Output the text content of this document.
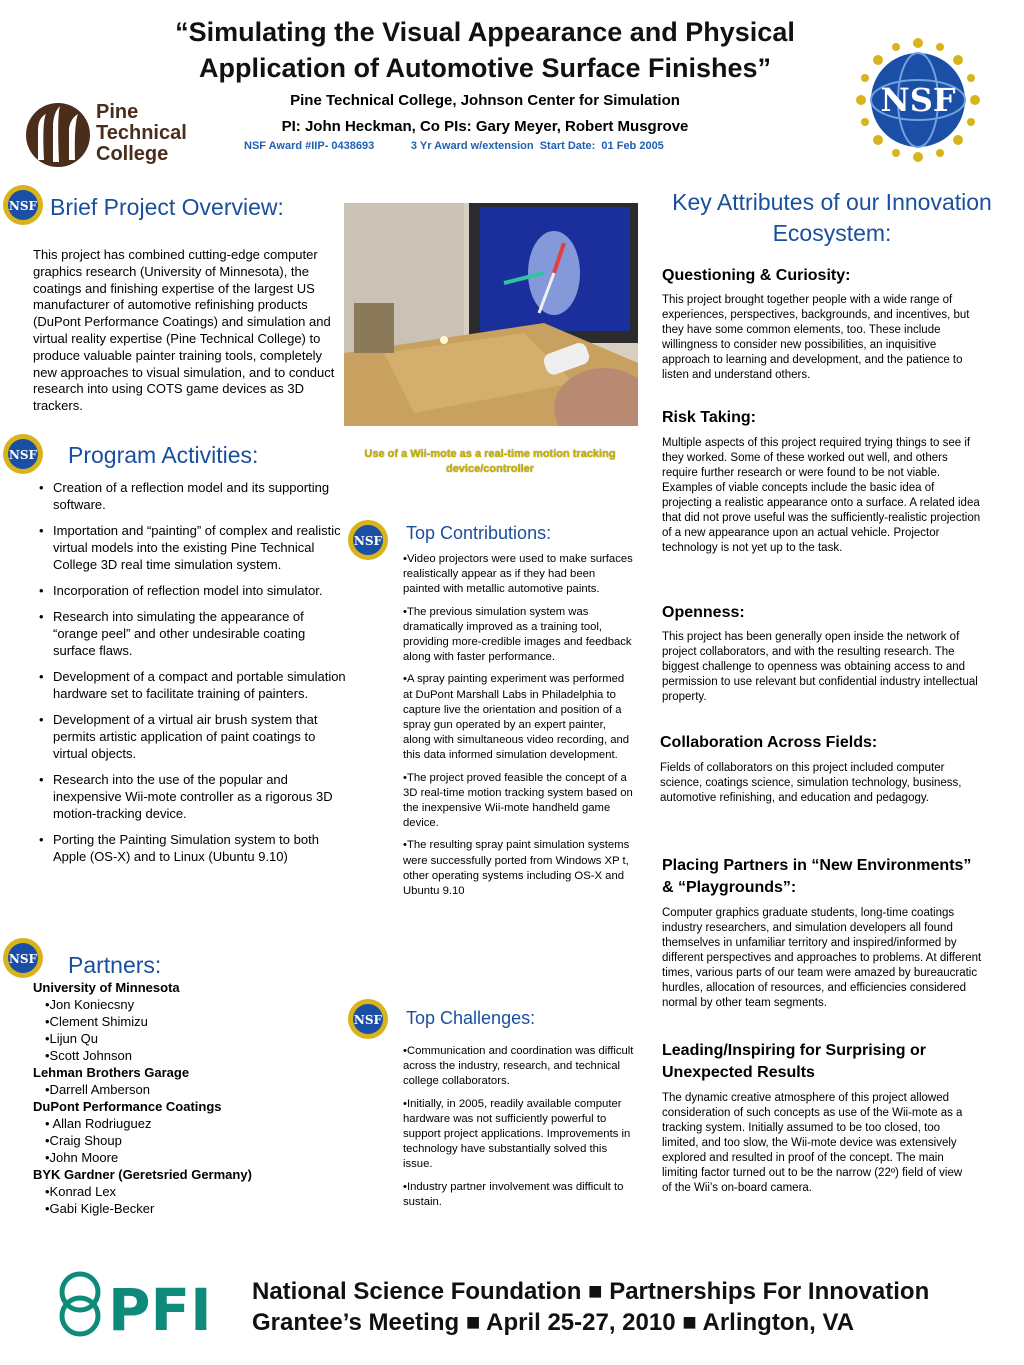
“Simulating the Visual Appearance and Physical Application of Automotive Surface Finishes”
Pine Technical College, Johnson Center for Simulation
PI: John Heckman, Co PIs: Gary Meyer, Robert Musgrove
NSF Award #IIP- 0438693            3 Yr Award w/extension  Start Date:  01 Feb 2005
Pine
Technical
College
NSF
NSF Brief Project Overview:
This project has combined cutting-edge computer graphics research (University of Minnesota), the coatings and finishing expertise of the largest US manufacturer of automotive refinishing products (DuPont Performance Coatings) and simulation and virtual reality expertise (Pine Technical College) to produce valuable painter training tools, completely new approaches to visual simulation, and to conduct research into using COTS game devices as 3D trackers.
Use of a Wii-mote as a real-time motion tracking device/controller
NSF Program Activities:
• Creation of a reflection model and its supporting software.
• Importation and “painting” of complex and realistic virtual models into the existing Pine Technical College 3D real time simulation system.
• Incorporation of reflection model into simulator.
• Research into simulating the appearance of “orange peel” and other undesirable coating surface flaws.
• Development of a compact and portable simulation hardware set to facilitate training of painters.
• Development of a virtual air brush system that permits artistic application of paint coatings to virtual objects.
• Research into the use of the popular and inexpensive Wii-mote controller as a rigorous 3D motion-tracking device.
• Porting the Painting Simulation system to both Apple (OS-X) and to Linux (Ubuntu 9.10)
NSF Partners:
University of Minnesota
•Jon Koniecsny
•Clement Shimizu
•Lijun Qu
•Scott Johnson
Lehman Brothers Garage
•Darrell Amberson
DuPont Performance Coatings
• Allan Rodriuguez
•Craig Shoup
•John Moore
BYK Gardner (Geretsried Germany)
•Konrad Lex
•Gabi Kigle-Becker
NSF Top Contributions:

•Video projectors were used to make surfaces realistically appear as if they had been painted with metallic automotive paints.

•The previous simulation system was dramatically improved as a training tool, providing more-credible images and feedback along with faster performance.

•A spray painting experiment was performed at DuPont Marshall Labs in Philadelphia to capture live the orientation and position of a spray gun operated by an expert painter, along with simultaneous video recording, and this data informed simulation development.

•The project proved feasible the concept of a 3D real-time motion tracking system based on the inexpensive Wii-mote handheld game device.

•The resulting spray paint simulation systems were successfully ported from Windows XP t, other operating systems including OS-X and Ubuntu 9.10

NSF Top Challenges:

•Communication and coordination was difficult across the industry, research, and technical college collaborators.

•Initially, in 2005, readily available computer hardware was not sufficiently powerful to support project applications. Improvements in technology have substantially solved this issue.

•Industry partner involvement was difficult to sustain.

Key Attributes of our Innovation Ecosystem:
Questioning & Curiosity:
This project brought together people with a wide range of experiences, perspectives, backgrounds, and incentives, but they have some common elements, too. These include willingness to consider new possibilities, an inquisitive approach to learning and development, and the patience to listen and understand others.
Risk Taking:
Multiple aspects of this project required trying things to see if they worked. Some of these worked out well, and others require further research or were found to be not viable. Examples of viable concepts include the basic idea of projecting a realistic appearance onto a surface. A related idea that did not prove useful was the sufficiently-realistic projection of a new appearance upon an actual vehicle. Projector technology is not yet up to the task.
Openness:
This project has been generally open inside the network of project collaborators, and with the resulting research. The biggest challenge to openness was obtaining access to and permission to use relevant but confidential industry intellectual property.
Collaboration Across Fields:
Fields of collaborators on this project included computer science, coatings science, simulation technology, business, automotive refinishing, and education and pedagogy.
Placing Partners in “New Environments” & “Playgrounds”:
Computer graphics graduate students, long-time coatings industry researchers, and simulation developers all found themselves in unfamiliar territory and inspired/informed by different perspectives and approaches to problems. At different times, various parts of our team were amazed by bureaucratic hurdles, allocation of resources, and efficiencies considered normal by other team segments.
Leading/Inspiring for Surprising or Unexpected Results
The dynamic creative atmosphere of this project allowed consideration of such concepts as use of the Wii-mote as a tracking system. Initially assumed to be too closed, too limited, and too slow, the Wii-mote device was extensively explored and resulted in proof of the concept. The main limiting factor turned out to be the narrow (22º) field of view of the Wii’s on-board camera.
PFI National Science Foundation ■ Partnerships For Innovation
Grantee’s Meeting ■ April 25-27, 2010 ■ Arlington, VA
